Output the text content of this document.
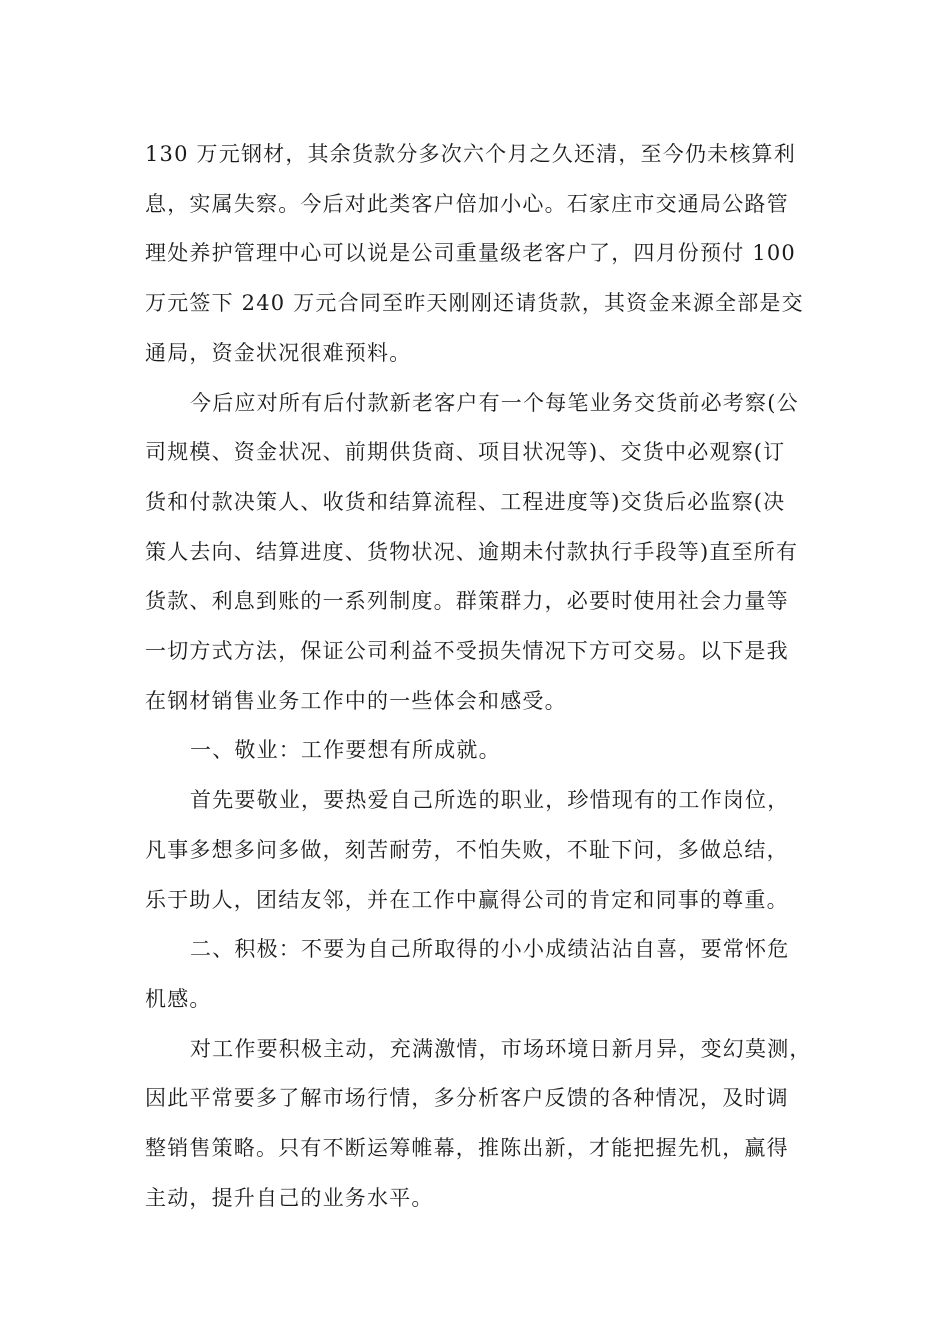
130 万元钢材，其余货款分多次六个月之久还清，至今仍未核算利
息，实属失察。今后对此类客户倍加小心。石家庄市交通局公路管
理处养护管理中心可以说是公司重量级老客户了，四月份预付 100
万元签下 240 万元合同至昨天刚刚还请货款，其资金来源全部是交
通局，资金状况很难预料。
今后应对所有后付款新老客户有一个每笔业务交货前必考察(公
司规模、资金状况、前期供货商、项目状况等)、交货中必观察(订
货和付款决策人、收货和结算流程、工程进度等)交货后必监察(决
策人去向、结算进度、货物状况、逾期未付款执行手段等)直至所有
货款、利息到账的一系列制度。群策群力，必要时使用社会力量等
一切方式方法，保证公司利益不受损失情况下方可交易。以下是我
在钢材销售业务工作中的一些体会和感受。
一、敬业：工作要想有所成就。
首先要敬业，要热爱自己所选的职业，珍惜现有的工作岗位，
凡事多想多问多做，刻苦耐劳，不怕失败，不耻下问，多做总结，
乐于助人，团结友邻，并在工作中赢得公司的肯定和同事的尊重。
二、积极：不要为自己所取得的小小成绩沾沾自喜，要常怀危
机感。
对工作要积极主动，充满激情，市场环境日新月异，变幻莫测，
因此平常要多了解市场行情，多分析客户反馈的各种情况，及时调
整销售策略。只有不断运筹帷幕，推陈出新，才能把握先机，赢得
主动，提升自己的业务水平。
